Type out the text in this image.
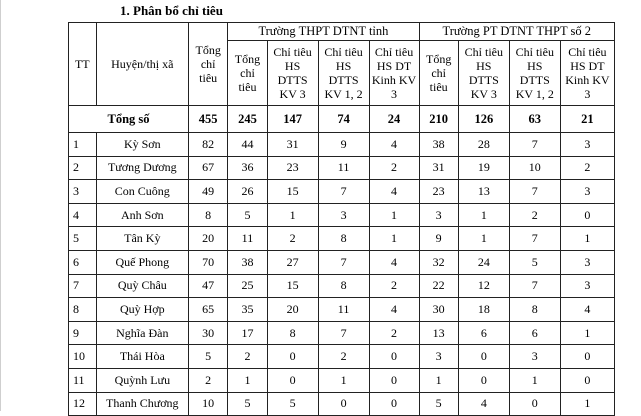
1. Phân bổ chỉ tiêu
TT	Huyện/thị xã	Tổng chỉ tiêu	Trường THPT DTNT tỉnh				Trường PT DTNT THPT số 2			
			Tổng chỉ tiêu	Chỉ tiêu HS DTTS KV 3	Chỉ tiêu HS DTTS KV 1, 2	Chỉ tiêu HS DT Kinh KV 3	Tổng chỉ tiêu	Chỉ tiêu HS DTTS KV 3	Chỉ tiêu HS DTTS KV 1, 2	Chỉ tiêu HS DT Kinh KV 3
Tổng số		455	245	147	74	24	210	126	63	21
1	Kỳ Sơn	82	44	31	9	4	38	28	7	3
2	Tương Dương	67	36	23	11	2	31	19	10	2
3	Con Cuông	49	26	15	7	4	23	13	7	3
4	Anh Sơn	8	5	1	3	1	3	1	2	0
5	Tân Kỳ	20	11	2	8	1	9	1	7	1
6	Quế Phong	70	38	27	7	4	32	24	5	3
7	Quỳ Châu	47	25	15	8	2	22	12	7	3
8	Quỳ Hợp	65	35	20	11	4	30	18	8	4
9	Nghĩa Đàn	30	17	8	7	2	13	6	6	1
10	Thái Hòa	5	2	0	2	0	3	0	3	0
11	Quỳnh Lưu	2	1	0	1	0	1	0	1	0
12	Thanh Chương	10	5	5	0	0	5	4	0	1
